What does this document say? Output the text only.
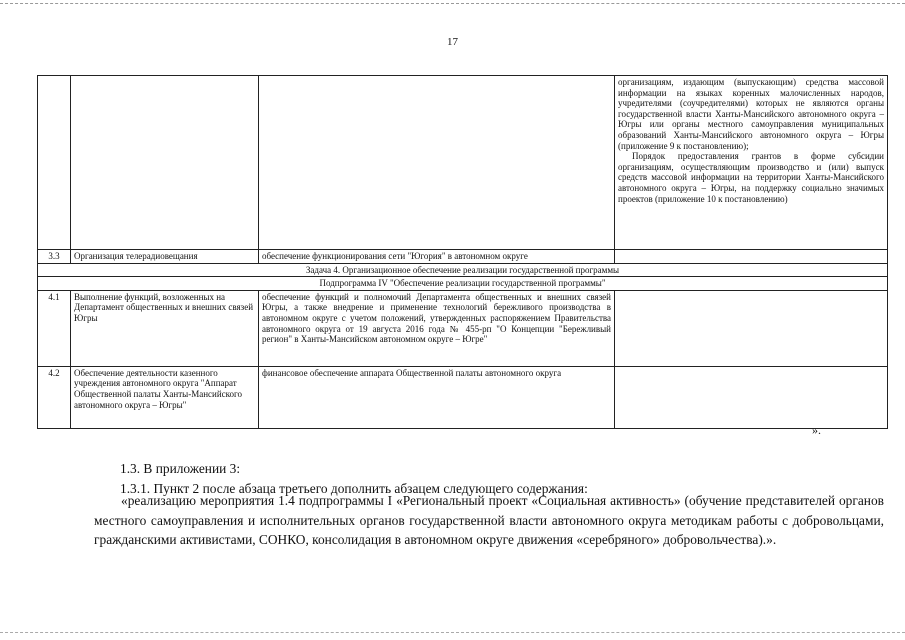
17

			организациям, издающим (выпускающим) средства массовой информации на языках коренных малочисленных народов, учредителями (соучредителями) которых не являются органы государственной власти Ханты-Мансийского автономного округа – Югры или органы местного самоуправления муниципальных образований Ханты-Мансийского автономного округа – Югры (приложение 9 к постановлению);
Порядок предоставления грантов в форме субсидии организациям, осуществляющим производство и (или) выпуск средств массовой информации на территории Ханты-Мансийского автономного округа – Югры, на поддержку социально значимых проектов (приложение 10 к постановлению)

3.3	Организация телерадиовещания	обеспечение функционирования сети "Югория" в автономном округе	
Задача 4. Организационное обеспечение реализации государственной программы			
Подпрограмма IV "Обеспечение реализации государственной программы"			
4.1	Выполнение функций, возложенных на Департамент общественных и внешних связей Югры	обеспечение функций и полномочий Департамента общественных и внешних связей Югры, а также внедрение и применение технологий бережливого производства в автономном округе с учетом положений, утвержденных распоряжением Правительства автономного округа от 19 августа 2016 года № 455-рп "О Концепции "Бережливый регион" в Ханты-Мансийском автономном округе – Югре"	
4.2	Обеспечение деятельности казенного учреждения автономного округа "Аппарат Общественной палаты Ханты-Мансийского автономного округа – Югры"	финансовое обеспечение аппарата Общественной палаты автономного округа	
».
1.3. В приложении 3:
1.3.1. Пункт 2 после абзаца третьего дополнить абзацем следующего содержания:
«реализацию мероприятия 1.4 подпрограммы I «Региональный проект «Социальная активность» (обучение представителей органов местного самоуправления и исполнительных органов государственной власти автономного округа методикам работы с добровольцами, гражданскими активистами, СОНКО, консолидация в автономном округе движения «серебряного» добровольчества).».
